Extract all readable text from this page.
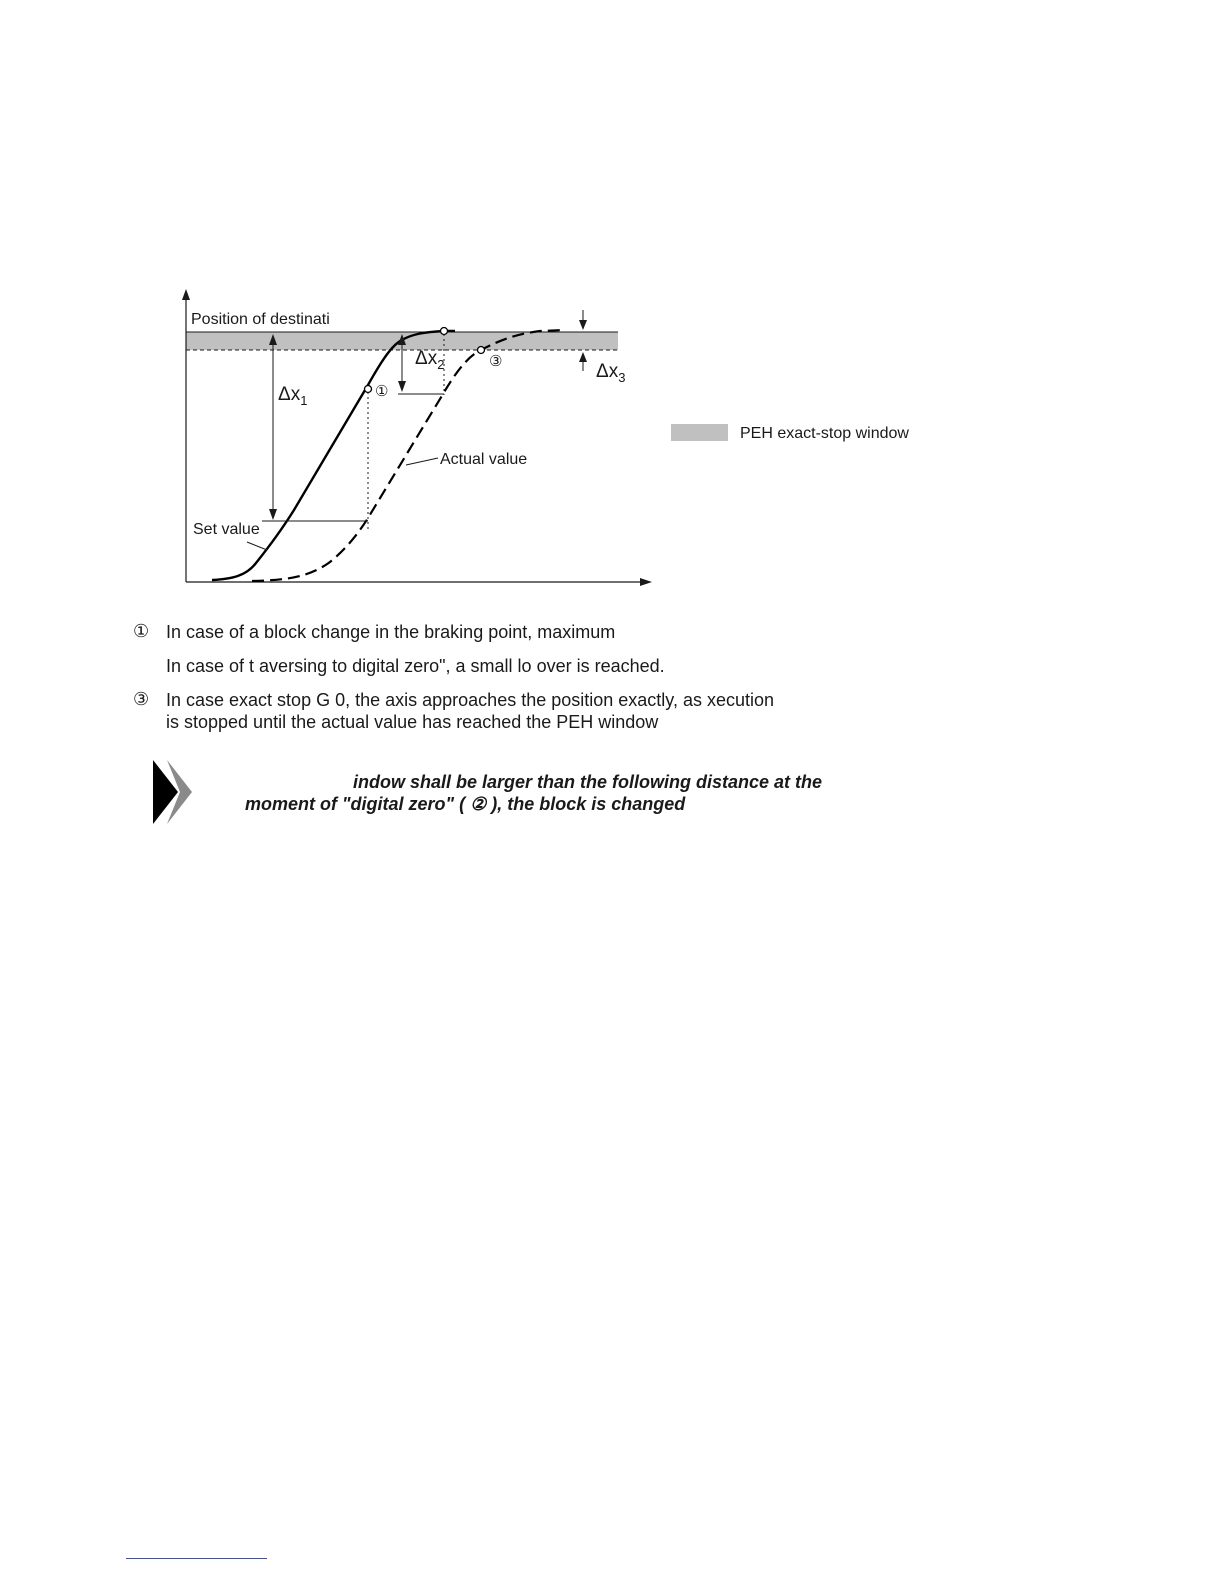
Position of destinati
$\Delta x_1$
$\Delta x_2$	$\Delta x_3$
①
③
Actual value
Set value
PEH exact-stop window
① In case of a block change in the braking point, maximum
In case of t aversing to digital zero", a small lo over is reached.
③ In case exact stop G 0, the axis approaches the position exactly, as xecution
is stopped until the actual value has reached the PEH window
indow shall be larger than the following distance at the
moment of "digital zero" ( ② ), the block is changed
